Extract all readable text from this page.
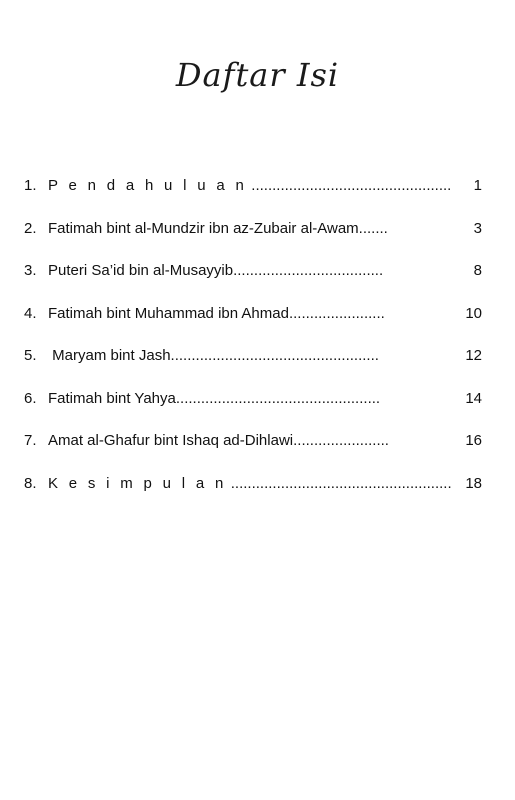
Daftar Isi
1. P e n d a h u l u a n ................................................	1
2. Fatimah bint al-Mundzir ibn az-Zubair al-Awam.......	3
3. Puteri Sa’id bin al-Musayyib....................................	8
4. Fatimah bint Muhammad ibn Ahmad.......................	10
5. Maryam bint Jash..................................................	12
6. Fatimah bint Yahya.................................................	14
7. Amat al-Ghafur bint Ishaq ad-Dihlawi.......................	16
8. K e s i m p u l a n ..................................................... 18
